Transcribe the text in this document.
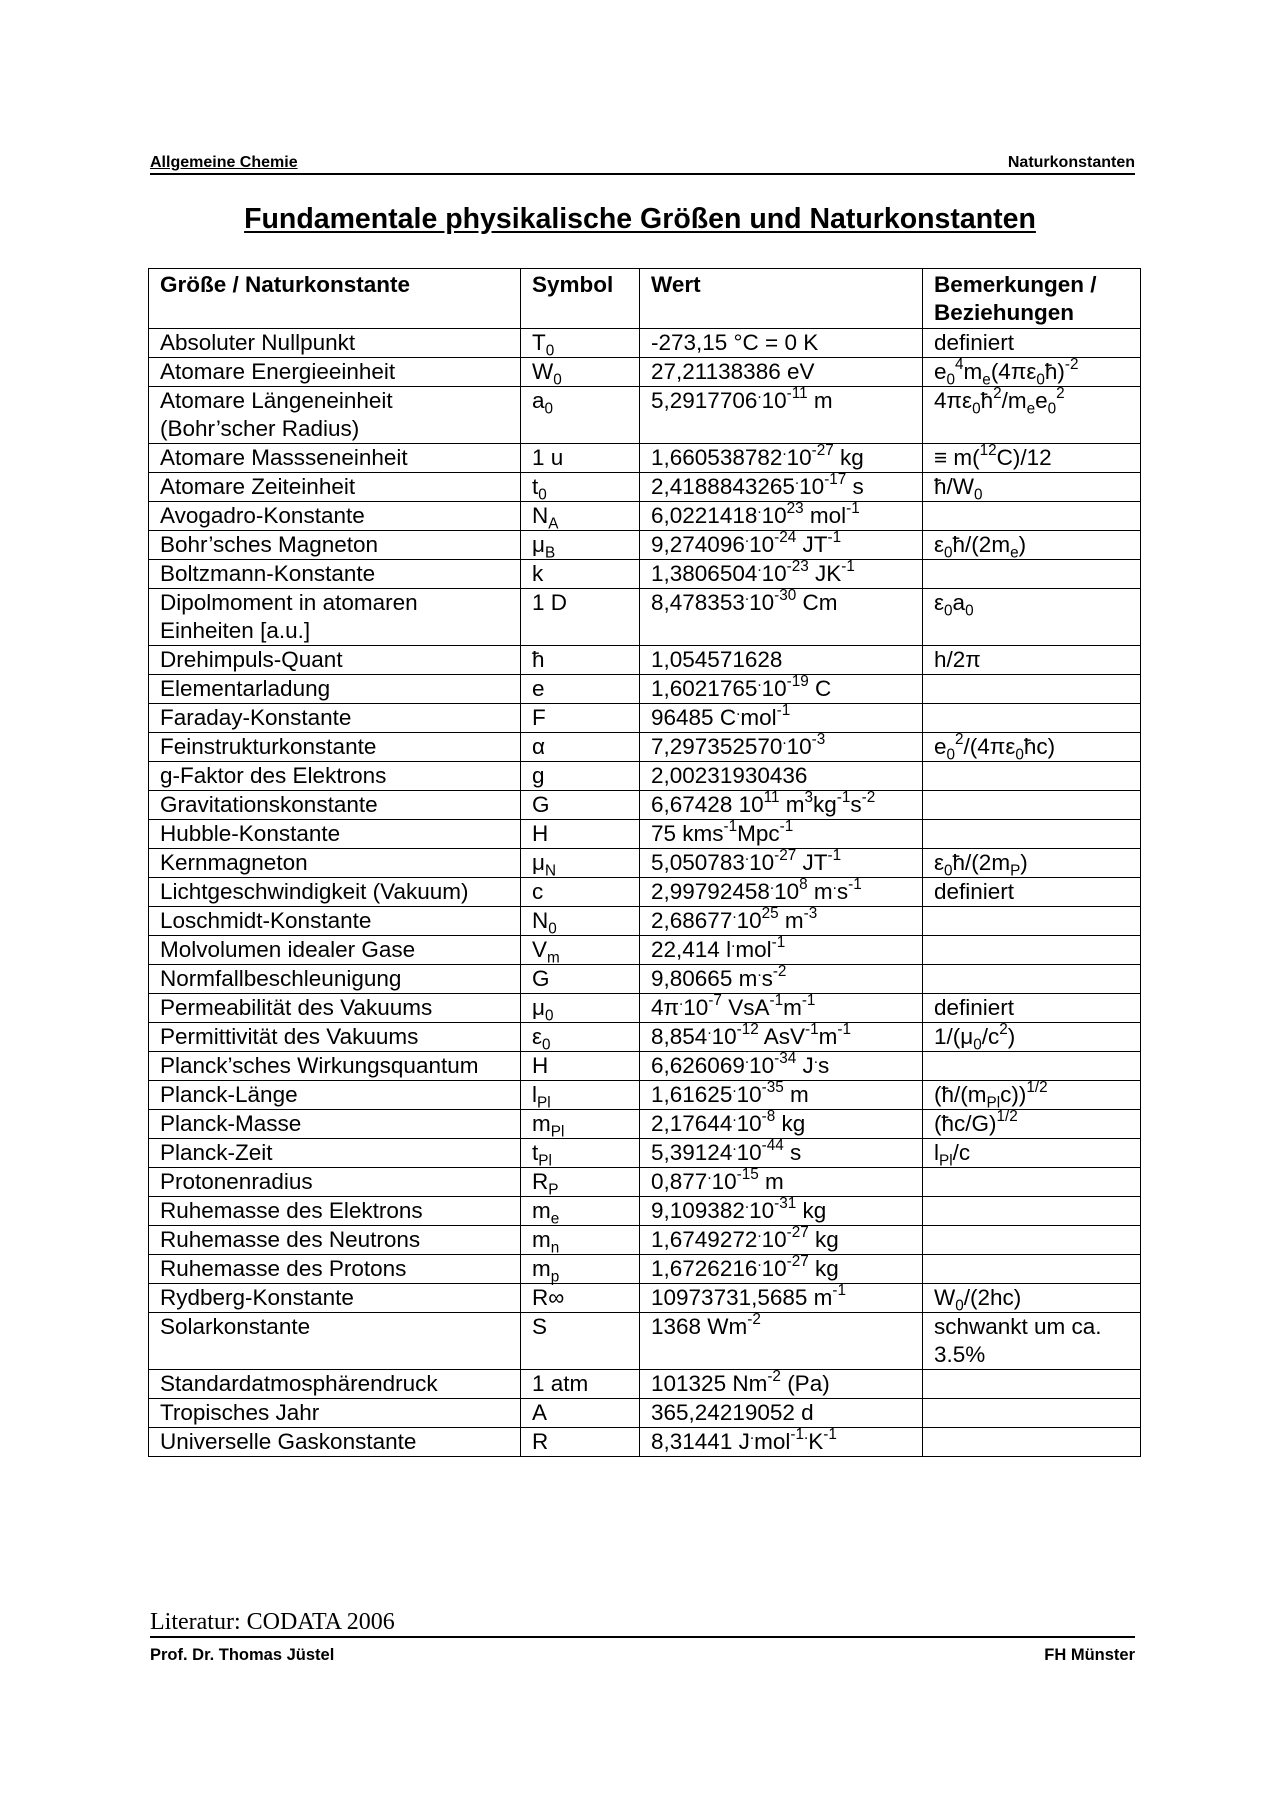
Allgemeine Chemie	Naturkonstanten
Fundamentale physikalische Größen und Naturkonstanten
Größe / Naturkonstante	Symbol	Wert	Bemerkungen / Beziehungen
Absoluter Nullpunkt	$T_0$	-273,15 °C = 0 K	definiert
Atomare Energieeinheit	$W_0$	27,21138386 eV	$e_0^4m_e(4\pi\varepsilon_0ħ)^{-2}$
Atomare Längeneinheit (Bohr’scher Radius)	$a_0$	$5,2917706^.10^{-11}$ m	$4\pi\varepsilon_0ħ^2/m_ee_0^2$
Atomare Massseneinheit	1 u	$1,660538782^.10^{-27}$ kg	≡ m($^{12}$C)/12
Atomare Zeiteinheit	$t_0$	$2,4188843265^.10^{-17}$ s	$ħ/W_0$
Avogadro-Konstante	$N_A$	$6,0221418^.10^{23}$ mol$^{-1}$	
Bohr’sches Magneton	$\mu_B$	$9,274096^.10^{-24}$ $JT^{-1}$	$\varepsilon_0ħ/(2m_e)$
Boltzmann-Konstante	k	$1,3806504^.10^{-23}$ $JK^{-1}$	
Dipolmoment in atomaren Einheiten [a.u.]	1 D	$8,478353^.10^{-30}$ Cm	$\varepsilon_0a_0$
Drehimpuls-Quant	ħ	1,054571628	h/2π
Elementarladung	e	$1,6021765^.10^{-19}$ C	
Faraday-Konstante	F	96485 C.mol$^{-1}$	
Feinstrukturkonstante	α	$7,297352570^.10^{-3}$	$e_0^2/(4\pi\varepsilon_0ħc)$
g-Faktor des Elektrons	g	2,00231930436	
Gravitationskonstante	G	6,67428 $10^{11}$ $m^3kg^{-1}s^{-2}$	
Hubble-Konstante	H	75 kms$^{-1}$Mpc$^{-1}$	
Kernmagneton	$\mu_N$	$5,050783^.10^{-27}$ $JT^{-1}$	$\varepsilon_0ħ/(2m_P)$
Lichtgeschwindigkeit (Vakuum)	c	$2,99792458^.10^8$ $m^.s^{-1}$	definiert
Loschmidt-Konstante	$N_0$	$2,68677^.10^{25}$ $m^{-3}$	
Molvolumen idealer Gase	$V_m$	22,414 l.mol$^{-1}$	
Normfallbeschleunigung	G	9,80665 $m^.s^{-2}$	
Permeabilität des Vakuums	$\mu_0$	$4\pi^.10^{-7}$ $VsA^{-1}m^{-1}$	definiert
Permittivität des Vakuums	$\varepsilon_0$	$8,854^.10^{-12}$ $AsV^{-1}m^{-1}$	$1/(\mu_0/c^2)$
Planck’sches Wirkungsquantum	H	$6,626069^.10^{-34}$ J.s	
Planck-Länge	$l_{Pl}$	$1,61625^.10^{-35}$ m	$(ħ/(m_{Pl}c))^{1/2}$
Planck-Masse	$m_{Pl}$	$2,17644^.10^{-8}$ kg	(ħc/G)$^{1/2}$
Planck-Zeit	$t_{Pl}$	$5,39124^.10^{-44}$ s	$l_{Pl}/c$
Protonenradius	$R_P$	$0,877^.10^{-15}$ m	
Ruhemasse des Elektrons	$m_e$	$9,109382^.10^{-31}$ kg	
Ruhemasse des Neutrons	$m_n$	$1,6749272^.10^{-27}$ kg	
Ruhemasse des Protons	$m_p$	$1,6726216^.10^{-27}$ kg	
Rydberg-Konstante	R∞	10973731,5685 $m^{-1}$	$W_0/(2hc)$
Solarkonstante	S	1368 $Wm^{-2}$	schwankt um ca. 3.5%
Standardatmosphärendruck	1 atm	101325 $Nm^{-2}$ (Pa)	
Tropisches Jahr	A	365,24219052 d	
Universelle Gaskonstante	R	8,31441 $J^.mol^{-1.}K^{-1}$	
Literatur: CODATA 2006
Prof. Dr. Thomas Jüstel	FH Münster
